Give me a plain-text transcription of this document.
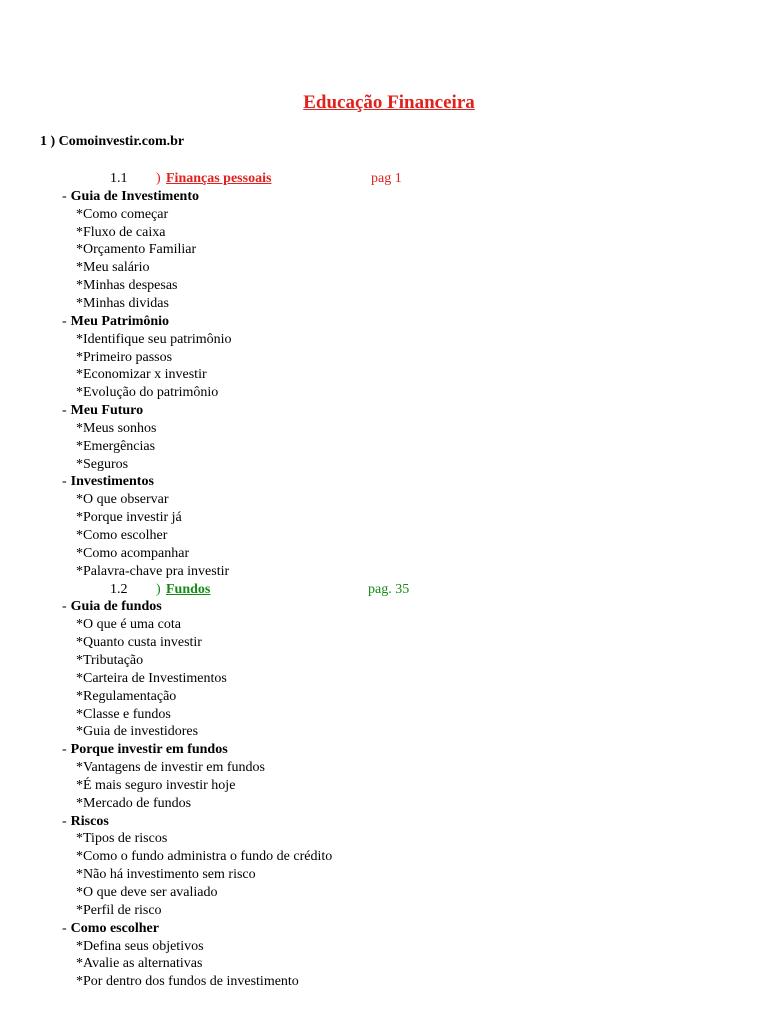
Educação Financeira
1 ) Comoinvestir.com.br
1.1 ) Finanças pessoais	pag 1
- Guia de Investimento
*Como começar
*Fluxo de caixa
*Orçamento Familiar
*Meu salário
*Minhas despesas
*Minhas dividas
- Meu Patrimônio
*Identifique seu patrimônio
*Primeiro passos
*Economizar x investir
*Evolução do patrimônio
- Meu Futuro
*Meus sonhos
*Emergências
*Seguros
- Investimentos
*O que observar
*Porque investir já
*Como escolher
*Como acompanhar
*Palavra-chave pra investir
1.2 ) Fundos	pag. 35
- Guia de fundos
*O que é uma cota
*Quanto custa investir
*Tributação
*Carteira de Investimentos
*Regulamentação
*Classe e fundos
*Guia de investidores
- Porque investir em fundos
*Vantagens de investir em fundos
*É mais seguro investir hoje
*Mercado de fundos
- Riscos
*Tipos de riscos
*Como o fundo administra o fundo de crédito
*Não há investimento sem risco
*O que deve ser avaliado
*Perfil de risco
- Como escolher
*Defina seus objetivos
*Avalie as alternativas
*Por dentro dos fundos de investimento
